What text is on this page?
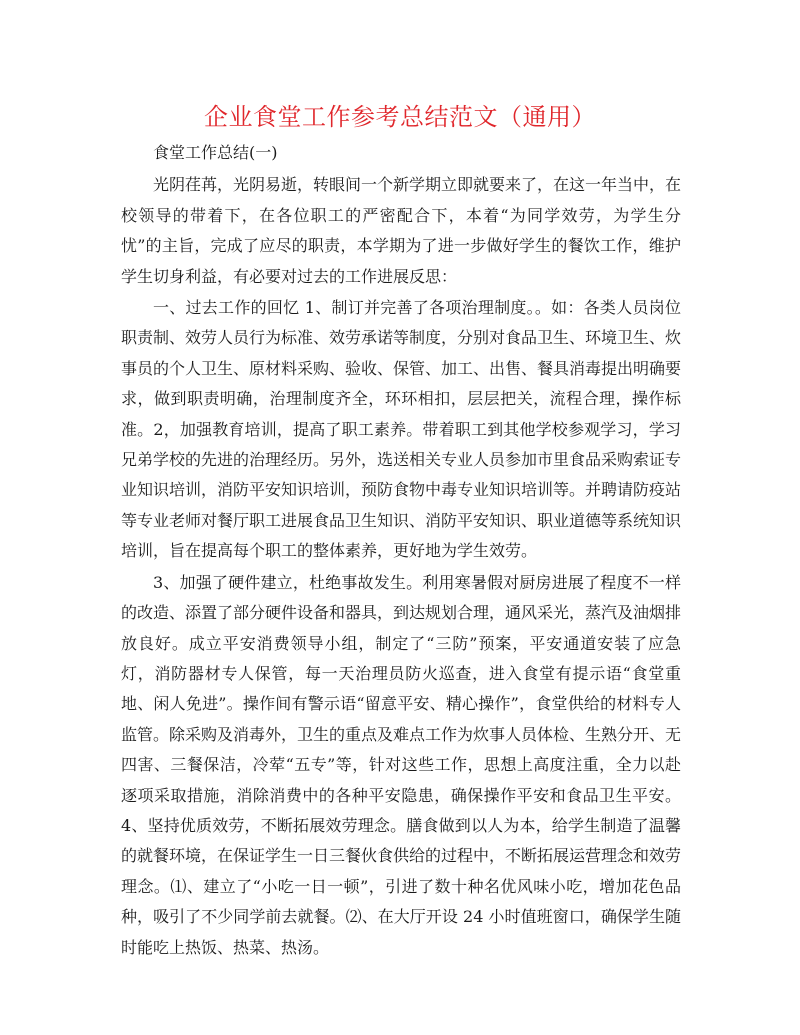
企业食堂工作参考总结范文（通用）

食堂工作总结(一)

光阴荏苒，光阴易逝，转眼间一个新学期立即就要来了，在这一年当中，在校领导的带着下，在各位职工的严密配合下，本着“为同学效劳，为学生分忧”的主旨，完成了应尽的职责，本学期为了进一步做好学生的餐饮工作，维护学生切身利益，有必要对过去的工作进展反思：

一、过去工作的回忆 1、制订并完善了各项治理制度。。如：各类人员岗位职责制、效劳人员行为标准、效劳承诺等制度，分别对食品卫生、环境卫生、炊事员的个人卫生、原材料采购、验收、保管、加工、出售、餐具消毒提出明确要求，做到职责明确，治理制度齐全，环环相扣，层层把关，流程合理，操作标准。2，加强教育培训，提高了职工素养。带着职工到其他学校参观学习，学习兄弟学校的先进的治理经历。另外，选送相关专业人员参加市里食品采购索证专业知识培训，消防平安知识培训，预防食物中毒专业知识培训等。并聘请防疫站等专业老师对餐厅职工进展食品卫生知识、消防平安知识、职业道德等系统知识培训，旨在提高每个职工的整体素养，更好地为学生效劳。

3、加强了硬件建立，杜绝事故发生。利用寒暑假对厨房进展了程度不一样的改造、添置了部分硬件设备和器具，到达规划合理，通风采光，蒸汽及油烟排放良好。成立平安消费领导小组，制定了“三防”预案，平安通道安装了应急灯，消防器材专人保管，每一天治理员防火巡查，进入食堂有提示语“食堂重地、闲人免进”。操作间有警示语“留意平安、精心操作”，食堂供给的材料专人监管。除采购及消毒外，卫生的重点及难点工作为炊事人员体检、生熟分开、无四害、三餐保洁，冷荤“五专”等，针对这些工作，思想上高度注重，全力以赴逐项采取措施，消除消费中的各种平安隐患，确保操作平安和食品卫生平安。4、坚持优质效劳，不断拓展效劳理念。膳食做到以人为本，给学生制造了温馨的就餐环境，在保证学生一日三餐伙食供给的过程中，不断拓展运营理念和效劳理念。⑴、建立了“小吃一日一顿”，引进了数十种名优风味小吃，增加花色品种，吸引了不少同学前去就餐。⑵、在大厅开设 24 小时值班窗口，确保学生随时能吃上热饭、热菜、热汤。
